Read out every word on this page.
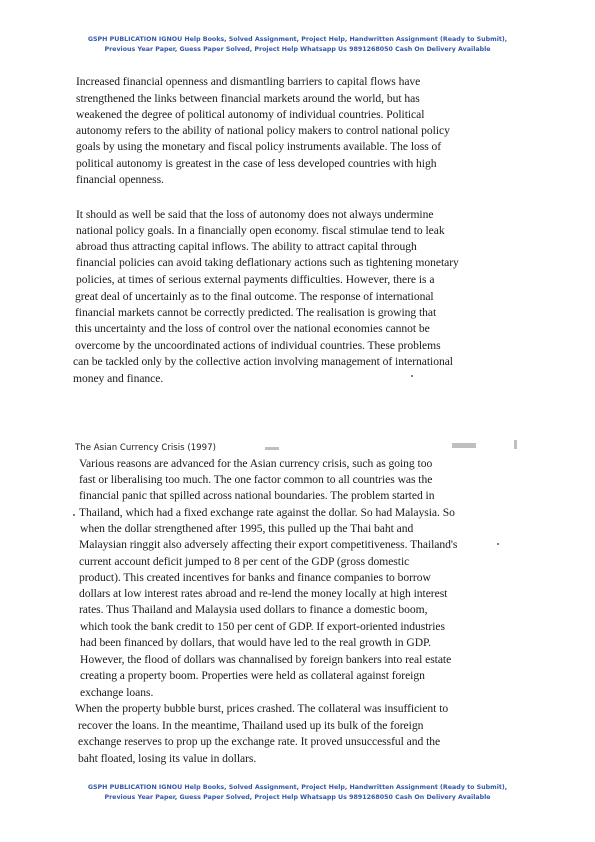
GSPH PUBLICATION IGNOU Help Books, Solved Assignment, Project Help, Handwritten Assignment (Ready to Submit),
Previous Year Paper, Guess Paper Solved, Project Help Whatsapp Us 9891268050 Cash On Delivery Available
Increased financial openness and dismantling barriers to capital flows have
strengthened the links between financial markets around the world, but has
weakened the degree of political autonomy of individual countries. Political
autonomy refers to the ability of national policy makers to control national policy
goals by using the monetary and fiscal policy instruments available. The loss of
political autonomy is greatest in the case of less developed countries with high
financial openness.
It should as well be said that the loss of autonomy does not always undermine
national policy goals. In a financially open economy. fiscal stimulae tend to leak
abroad thus attracting capital inflows. The ability to attract capital through
financial policies can avoid taking deflationary actions such as tightening monetary
policies, at times of serious external payments difficulties. However, there is a
great deal of uncertainly as to the final outcome. The response of international
financial markets cannot be correctly predicted. The realisation is growing that
this uncertainty and the loss of control over the national economies cannot be
overcome by the uncoordinated actions of individual countries. These problems
can be tackled only by the collective action involving management of international
money and finance.
The Asian Currency Crisis (1997)
Various reasons are advanced for the Asian currency crisis, such as going too
fast or liberalising too much. The one factor common to all countries was the
financial panic that spilled across national boundaries. The problem started in
Thailand, which had a fixed exchange rate against the dollar. So had Malaysia. So
when the dollar strengthened after 1995, this pulled up the Thai baht and
Malaysian ringgit also adversely affecting their export competitiveness. Thailand's
current account deficit jumped to 8 per cent of the GDP (gross domestic
product). This created incentives for banks and finance companies to borrow
dollars at low interest rates abroad and re-lend the money locally at high interest
rates. Thus Thailand and Malaysia used dollars to finance a domestic boom,
which took the bank credit to 150 per cent of GDP. If export-oriented industries
had been financed by dollars, that would have led to the real growth in GDP.
However, the flood of dollars was channalised by foreign bankers into real estate
creating a property boom. Properties were held as collateral against foreign
exchange loans.
When the property bubble burst, prices crashed. The collateral was insufficient to
recover the loans. In the meantime, Thailand used up its bulk of the foreign
exchange reserves to prop up the exchange rate. It proved unsuccessful and the
baht floated, losing its value in dollars.
GSPH PUBLICATION IGNOU Help Books, Solved Assignment, Project Help, Handwritten Assignment (Ready to Submit),
Previous Year Paper, Guess Paper Solved, Project Help Whatsapp Us 9891268050 Cash On Delivery Available
